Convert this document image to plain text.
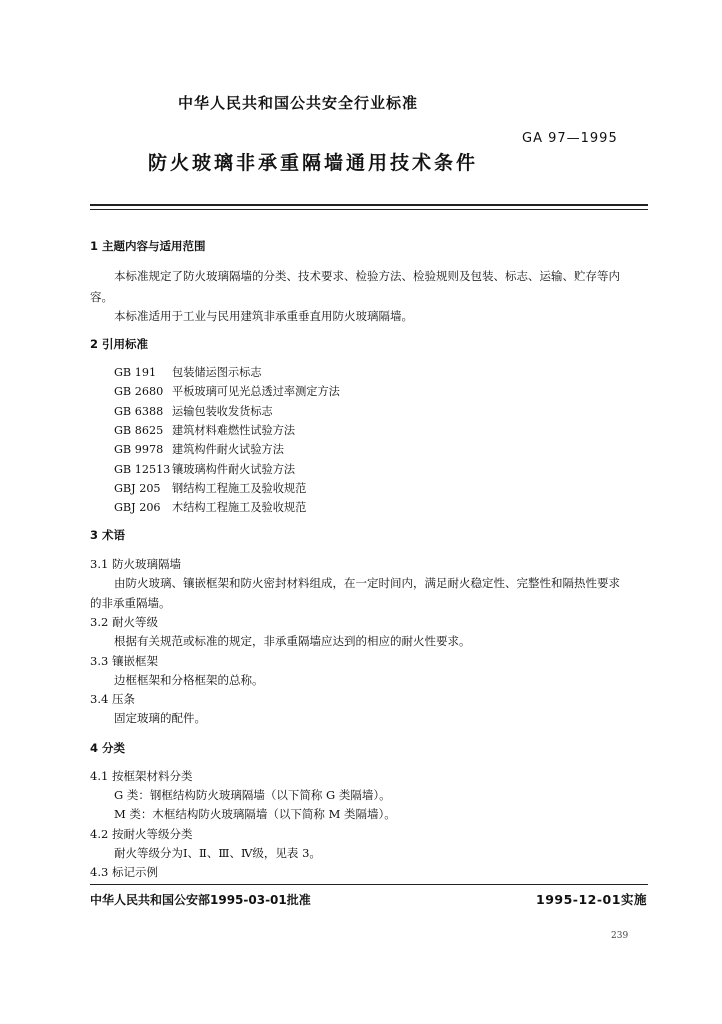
中华人民共和国公共安全行业标准
GA 97—1995
防火玻璃非承重隔墙通用技术条件
1 主题内容与适用范围
本标准规定了防火玻璃隔墙的分类、技术要求、检验方法、检验规则及包装、标志、运输、贮存等内
容。
本标准适用于工业与民用建筑非承重垂直用防火玻璃隔墙。
2 引用标准
GB 191 包装储运图示标志
GB 2680 平板玻璃可见光总透过率测定方法
GB 6388 运输包装收发货标志
GB 8625 建筑材料难燃性试验方法
GB 9978 建筑构件耐火试验方法
GB 12513 镶玻璃构件耐火试验方法
GBJ 205 钢结构工程施工及验收规范
GBJ 206 木结构工程施工及验收规范
3 术语
3.1 防火玻璃隔墙
由防火玻璃、镶嵌框架和防火密封材料组成，在一定时间内，满足耐火稳定性、完整性和隔热性要求
的非承重隔墙。
3.2 耐火等级
根据有关规范或标准的规定，非承重隔墙应达到的相应的耐火性要求。
3.3 镶嵌框架
边框框架和分格框架的总称。
3.4 压条
固定玻璃的配件。
4 分类
4.1 按框架材料分类
G 类：钢框结构防火玻璃隔墙（以下简称 G 类隔墙）。
M 类：木框结构防火玻璃隔墙（以下简称 M 类隔墙）。
4.2 按耐火等级分类
耐火等级分为Ⅰ、Ⅱ、Ⅲ、Ⅳ级，见表 3。
4.3 标记示例
中华人民共和国公安部1995-03-01批准	1995-12-01实施
239
